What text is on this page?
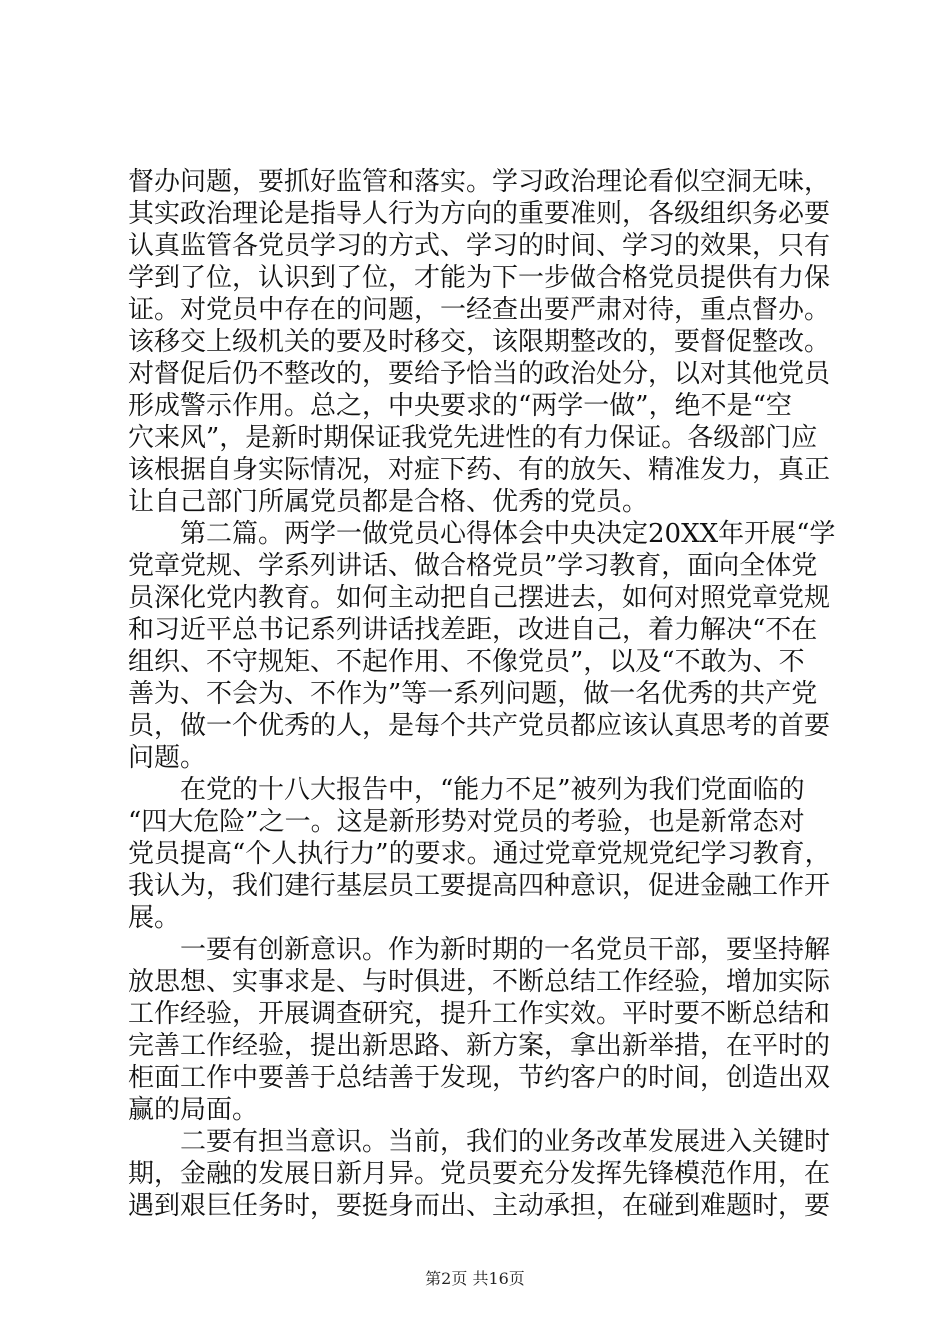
督办问题，要抓好监管和落实。学习政治理论看似空洞无味，
其实政治理论是指导人行为方向的重要准则，各级组织务必要
认真监管各党员学习的方式、学习的时间、学习的效果，只有
学到了位，认识到了位，才能为下一步做合格党员提供有力保
证。对党员中存在的问题，一经查出要严肃对待，重点督办。
该移交上级机关的要及时移交，该限期整改的，要督促整改。
对督促后仍不整改的，要给予恰当的政治处分，以对其他党员
形成警示作用。总之，中央要求的“两学一做”，绝不是“空
穴来风”，是新时期保证我党先进性的有力保证。各级部门应
该根据自身实际情况，对症下药、有的放矢、精准发力，真正
让自己部门所属党员都是合格、优秀的党员。
　　第二篇。两学一做党员心得体会中央决定20XX年开展“学
党章党规、学系列讲话、做合格党员”学习教育，面向全体党
员深化党内教育。如何主动把自己摆进去，如何对照党章党规
和习近平总书记系列讲话找差距，改进自己，着力解决“不在
组织、不守规矩、不起作用、不像党员”，以及“不敢为、不
善为、不会为、不作为”等一系列问题，做一名优秀的共产党
员，做一个优秀的人，是每个共产党员都应该认真思考的首要
问题。
　　在党的十八大报告中，“能力不足”被列为我们党面临的
“四大危险”之一。这是新形势对党员的考验，也是新常态对
党员提高“个人执行力”的要求。通过党章党规党纪学习教育，
我认为，我们建行基层员工要提高四种意识，促进金融工作开
展。
　　一要有创新意识。作为新时期的一名党员干部，要坚持解
放思想、实事求是、与时俱进，不断总结工作经验，增加实际
工作经验，开展调查研究，提升工作实效。平时要不断总结和
完善工作经验，提出新思路、新方案，拿出新举措，在平时的
柜面工作中要善于总结善于发现，节约客户的时间，创造出双
赢的局面。
　　二要有担当意识。当前，我们的业务改革发展进入关键时
期，金融的发展日新月异。党员要充分发挥先锋模范作用，在
遇到艰巨任务时，要挺身而出、主动承担，在碰到难题时，要
第2页 共16页
